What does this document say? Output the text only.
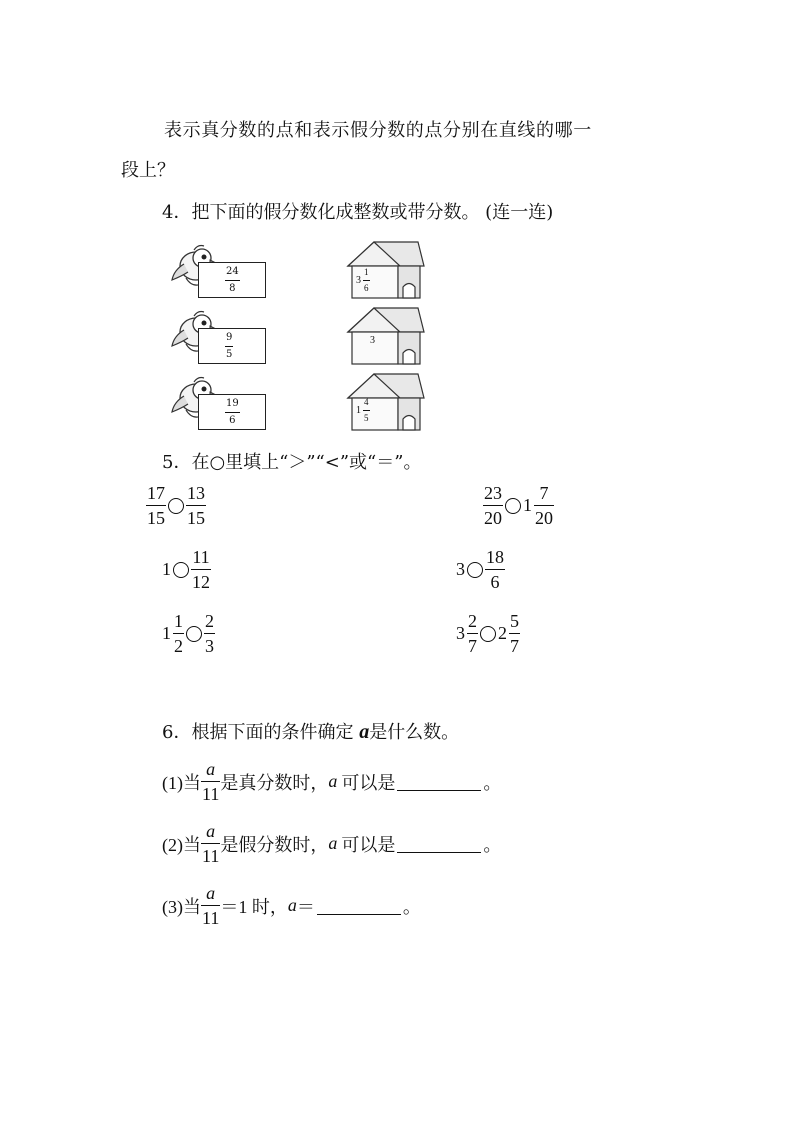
表示真分数的点和表示假分数的点分别在直线的哪一
段上？
4．把下面的假分数化成整数或带分数。 (连一连)
$\frac{24}{8}$
$\frac{9}{5}$
$\frac{19}{6}$
$3 \frac{1}{6}$
3
$1 \frac{4}{5}$
5．在○里填上“＞”“<”或“＝”。
$\frac{17}{15} \frac{13}{15}$	$\frac{23}{20} 1 \frac{7}{20}$
$1 \frac{11}{12}$	$3 \frac{18}{6}$
$1 \frac{1}{2} \frac{2}{3}$	$3 \frac{2}{7} 2 \frac{5}{7}$
6．根据下面的条件确定 a是什么数。
(1)当 $\frac{a}{11}$ 是真分数时， a 可以是	。
(2)当 $\frac{a}{11}$ 是假分数时， a 可以是	。
(3)当 $\frac{a}{11} =1$ 时， a ＝	。
